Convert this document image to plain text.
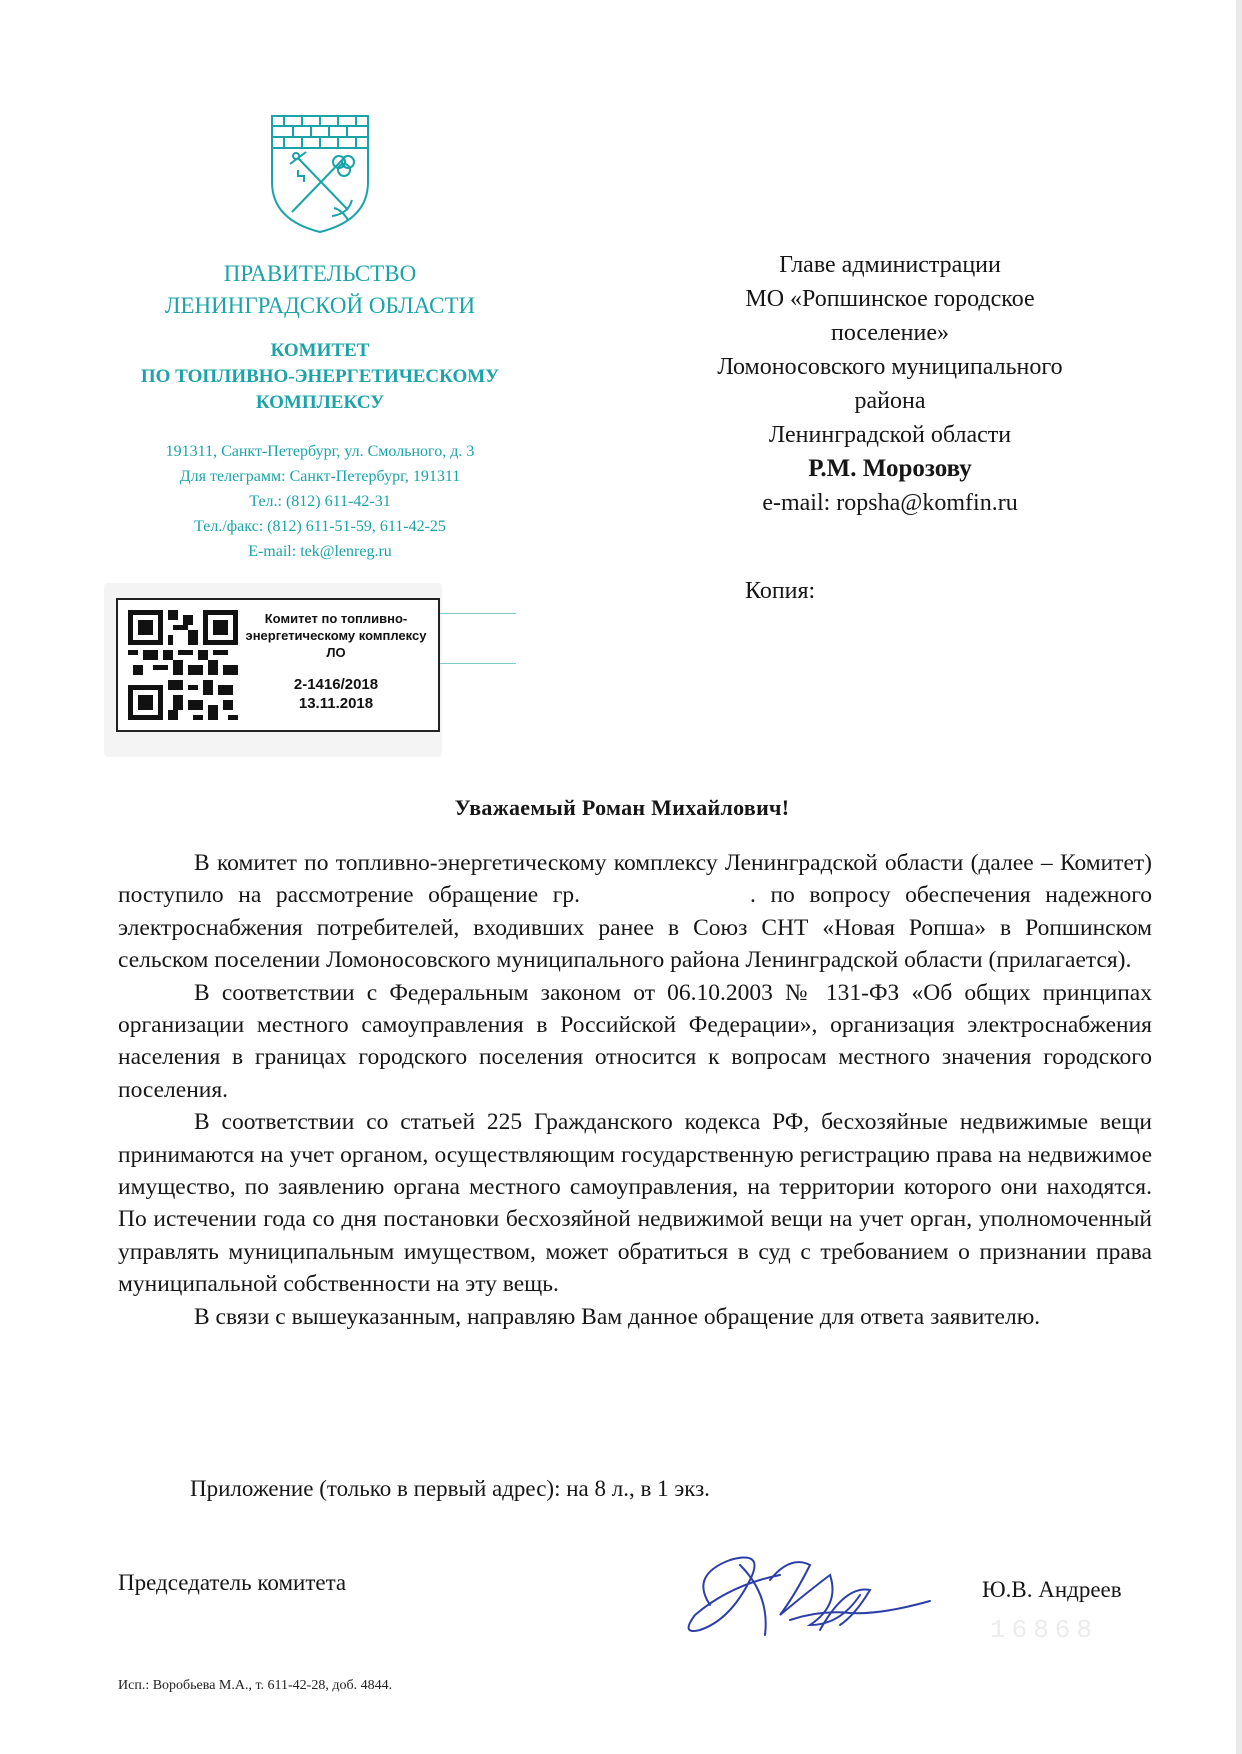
ПРАВИТЕЛЬСТВО
ЛЕНИНГРАДСКОЙ ОБЛАСТИ
КОМИТЕТ
ПО ТОПЛИВНО-ЭНЕРГЕТИЧЕСКОМУ
КОМПЛЕКСУ
191311, Санкт-Петербург, ул. Смольного, д. 3
Для телеграмм: Санкт-Петербург, 191311
Тел.: (812) 611-42-31
Тел./факс: (812) 611-51-59, 611-42-25
E-mail: tek@lenreg.ru
Главе администрации
МО «Ропшинское городское
поселение»
Ломоносовского муниципального
района
Ленинградской области
Р.М. Морозову
e-mail: ropsha@komfin.ru
Копия:
Комитет по топливно-энергетическому комплексу ЛО
2-1416/2018
13.11.2018
Уважаемый Роман Михайлович!

В комитет по топливно-энергетическому комплексу Ленинградской области (далее – Комитет) поступило на рассмотрение обращение гр.	. по вопросу обеспечения надежного электроснабжения потребителей, входивших ранее в Союз СНТ «Новая Ропша» в Ропшинском сельском поселении Ломоносовского муниципального района Ленинградской области (прилагается).

В соответствии с Федеральным законом от 06.10.2003 № 131-ФЗ «Об общих принципах организации местного самоуправления в Российской Федерации», организация электроснабжения населения в границах городского поселения относится к вопросам местного значения городского поселения.

В соответствии со статьей 225 Гражданского кодекса РФ, бесхозяйные недвижимые вещи принимаются на учет органом, осуществляющим государственную регистрацию права на недвижимое имущество, по заявлению органа местного самоуправления, на территории которого они находятся. По истечении года со дня постановки бесхозяйной недвижимой вещи на учет орган, уполномоченный управлять муниципальным имуществом, может обратиться в суд с требованием о признании права муниципальной собственности на эту вещь.

В связи с вышеуказанным, направляю Вам данное обращение для ответа заявителю.

Приложение (только в первый адрес): на 8 л., в 1 экз.
Председатель комитета
16868
Ю.В. Андреев
Исп.: Воробьева М.А., т. 611-42-28, доб. 4844.
